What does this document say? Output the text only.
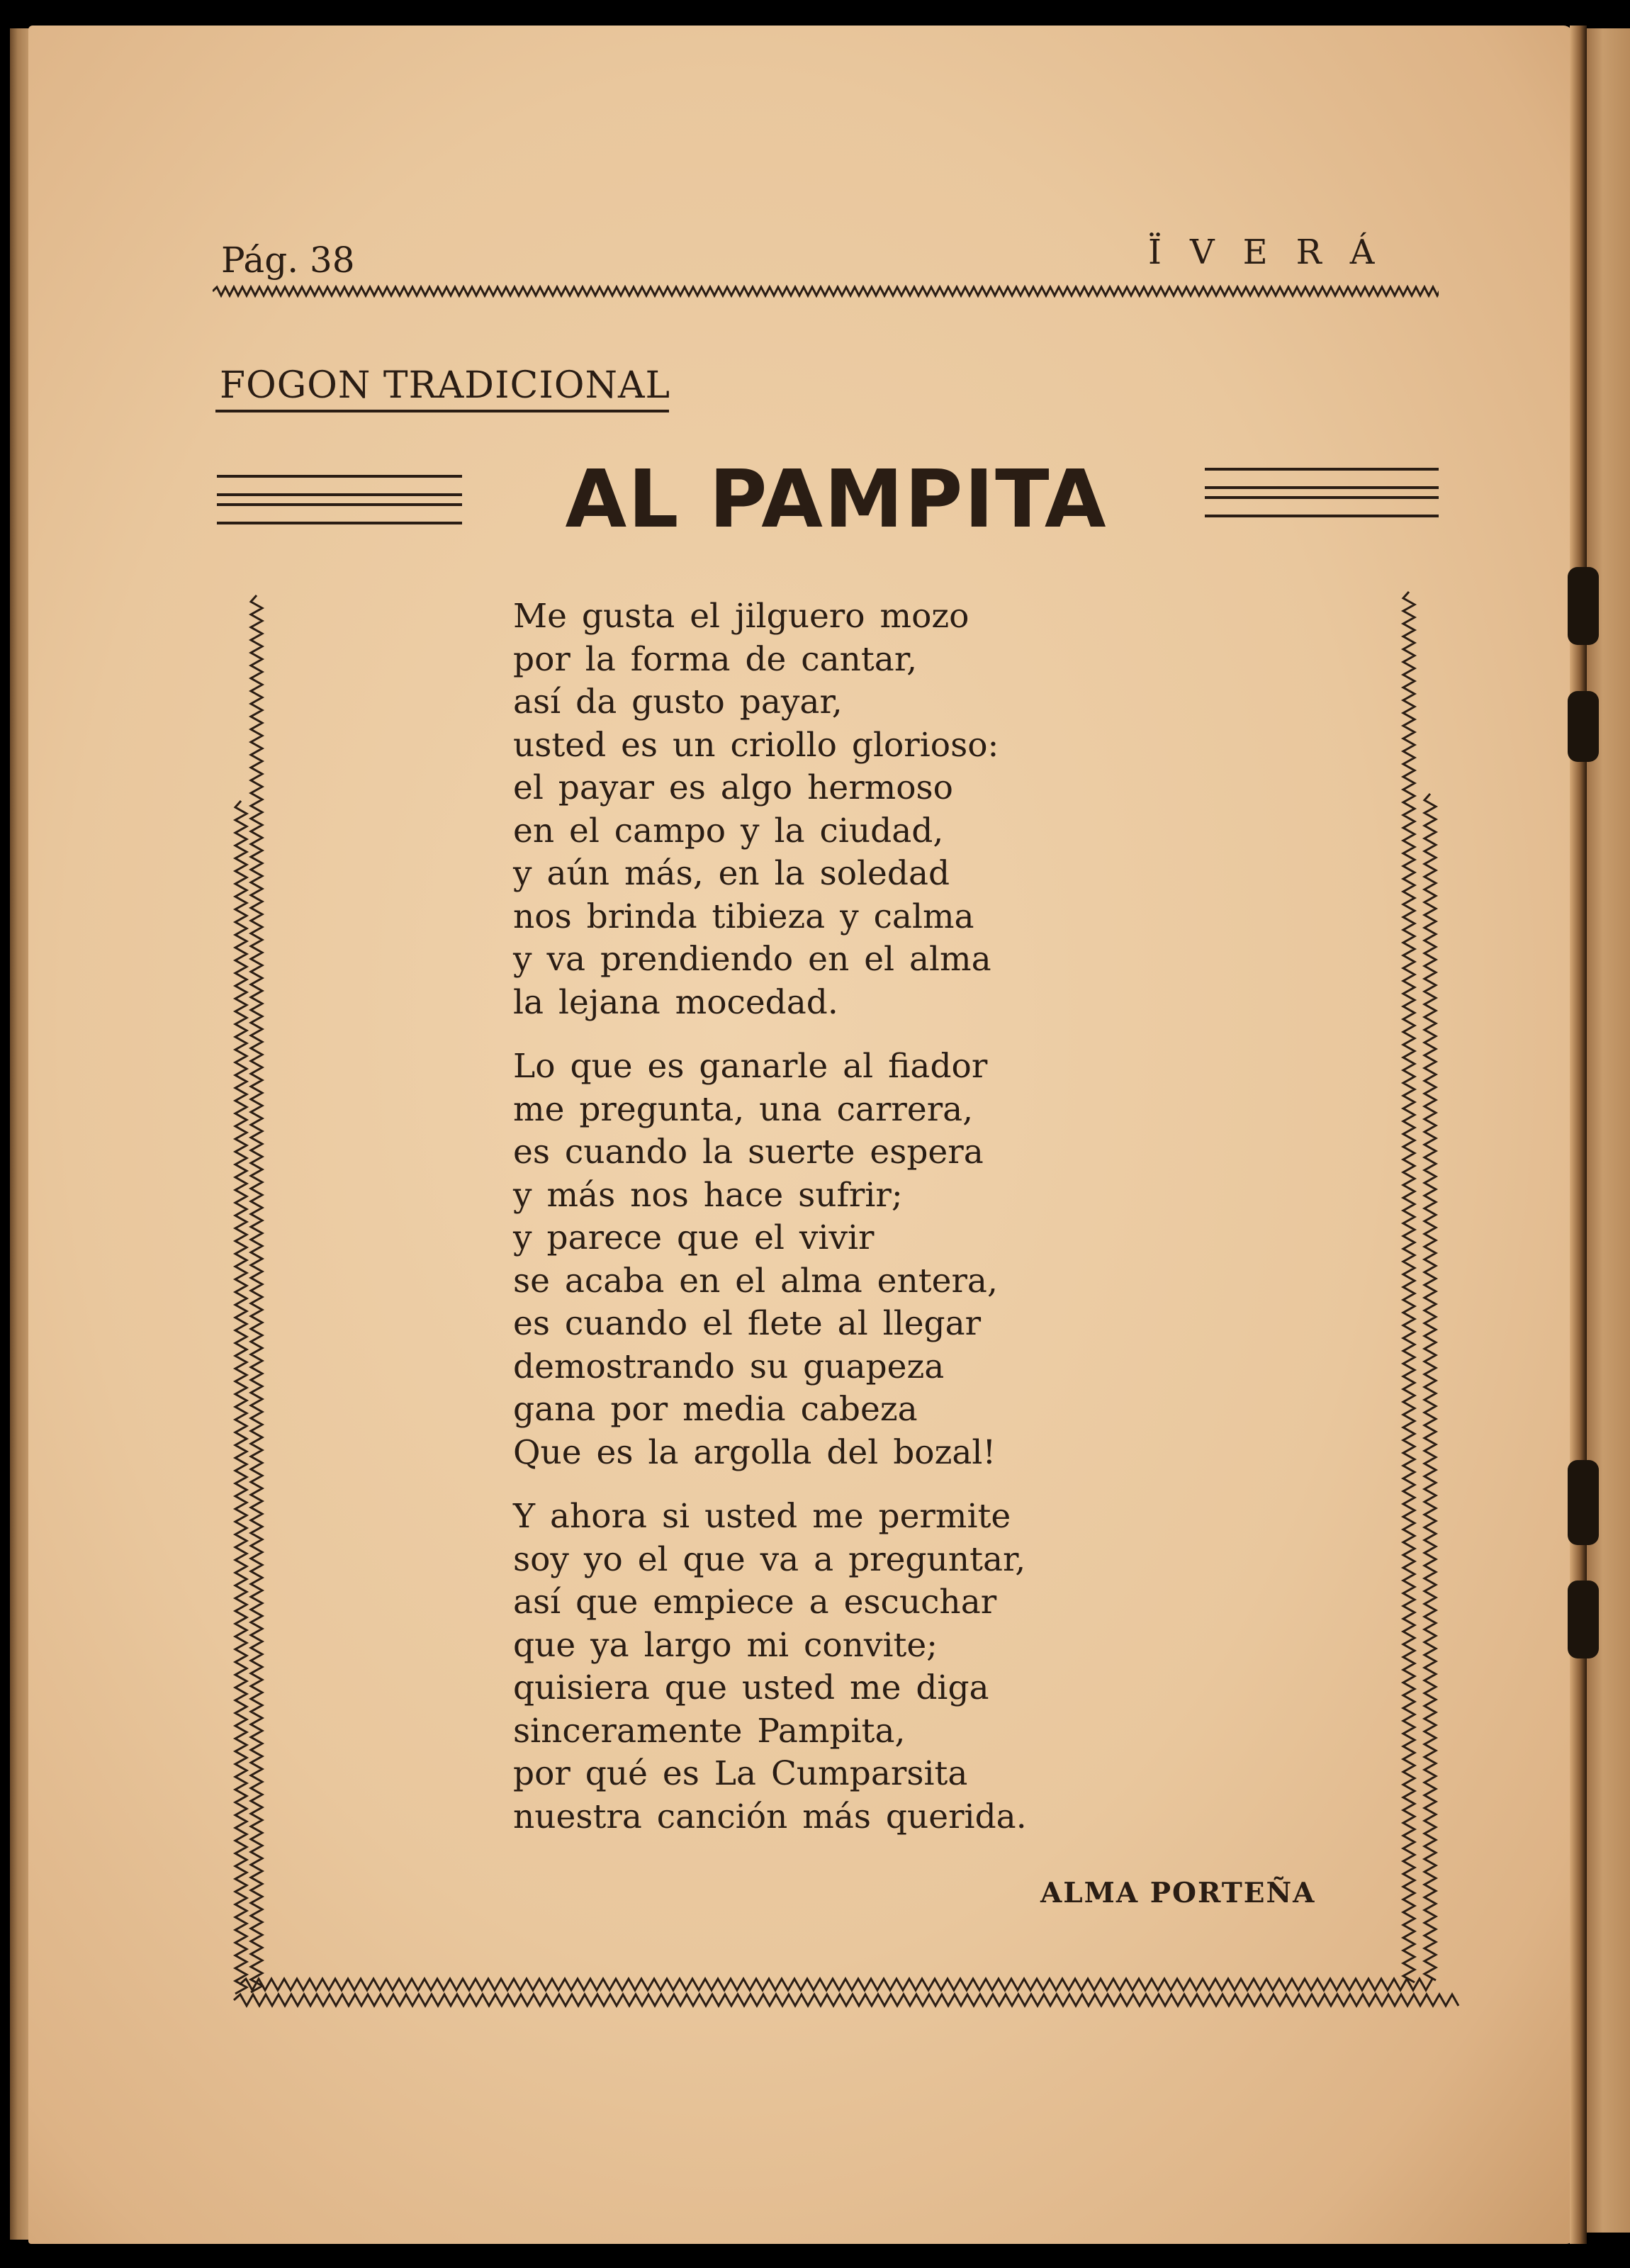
Pág. 38	ÏVERÁ
FOGON TRADICIONAL
AL PAMPITA
Me gusta el jilguero mozo
por la forma de cantar,
así da gusto payar,
usted es un criollo glorioso:
el payar es algo hermoso
en el campo y la ciudad,
y aún más, en la soledad
nos brinda tibieza y calma
y va prendiendo en el alma
la lejana mocedad.
Lo que es ganarle al fiador
me pregunta, una carrera,
es cuando la suerte espera
y más nos hace sufrir;
y parece que el vivir
se acaba en el alma entera,
es cuando el flete al llegar
demostrando su guapeza
gana por media cabeza
Que es la argolla del bozal!
Y ahora si usted me permite
soy yo el que va a preguntar,
así que empiece a escuchar
que ya largo mi convite;
quisiera que usted me diga
sinceramente Pampita,
por qué es La Cumparsita
nuestra canción más querida.
ALMA PORTEÑA
